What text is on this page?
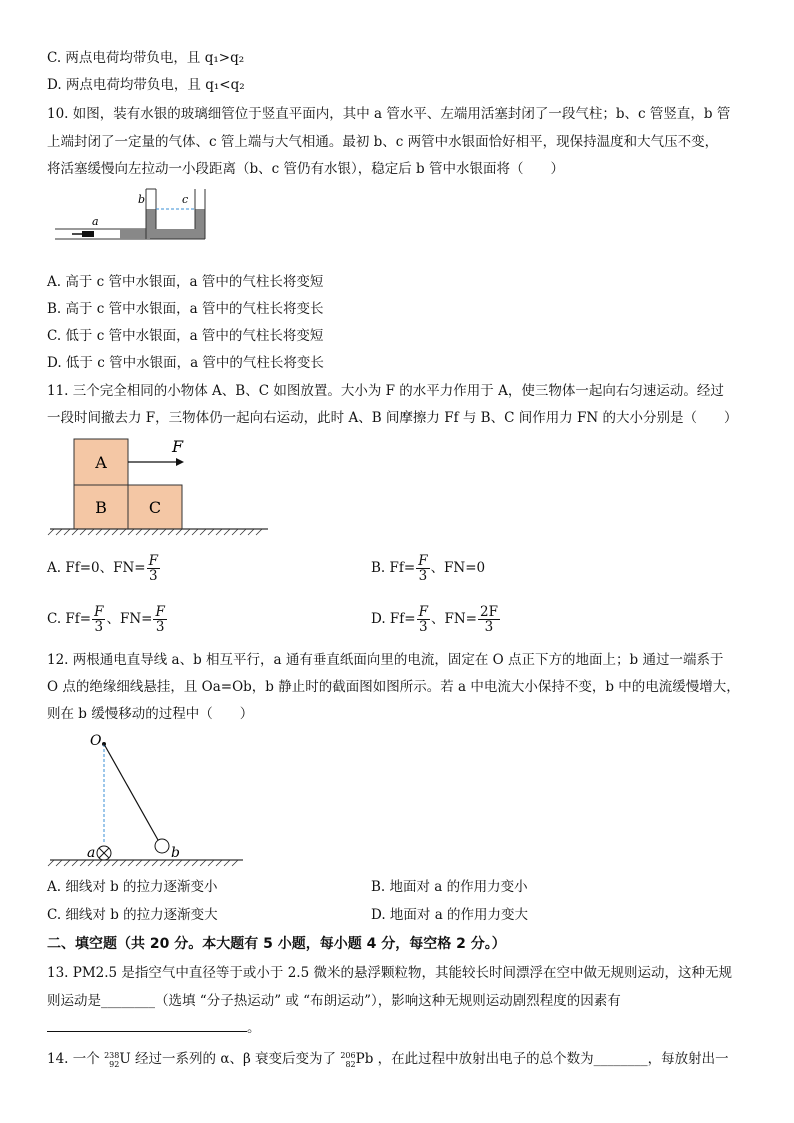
C. 两点电荷均带负电，且 q₁>q₂
D. 两点电荷均带负电，且 q₁<q₂
10. 如图，装有水银的玻璃细管位于竖直平面内，其中 a 管水平、左端用活塞封闭了一段气柱；b、c 管竖直，b 管
上端封闭了一定量的气体、c 管上端与大气相通。最初 b、c 两管中水银面恰好相平，现保持温度和大气压不变，
将活塞缓慢向左拉动一小段距离（b、c 管仍有水银），稳定后 b 管中水银面将（　　）
b	c
a
A. 高于 c 管中水银面，a 管中的气柱长将变短
B. 高于 c 管中水银面，a 管中的气柱长将变长
C. 低于 c 管中水银面，a 管中的气柱长将变短
D. 低于 c 管中水银面，a 管中的气柱长将变长
11. 三个完全相同的小物体 A、B、C 如图放置。大小为 F 的水平力作用于 A，使三物体一起向右匀速运动。经过
一段时间撤去力 F，三物体仍一起向右运动，此时 A、B 间摩擦力 Ff 与 B、C 间作用力 FN 的大小分别是（　　）
A
B	C
F
A. Ff=0、$FN= \frac{F}{3}$	B. $Ff= \frac{F}{3}$ 、FN=0
C. $Ff= \frac{F}{3}$ 、$FN= \frac{F}{3}$	D. $Ff= \frac{F}{3}$ 、$FN= \frac{2F}{3}$
12. 两根通电直导线 a、b 相互平行，a 通有垂直纸面向里的电流，固定在 O 点正下方的地面上；b 通过一端系于
O 点的绝缘细线悬挂，且 Oa=Ob，b 静止时的截面图如图所示。若 a 中电流大小保持不变，b 中的电流缓慢增大，
则在 b 缓慢移动的过程中（　　）
O
a	b
A. 细线对 b 的拉力逐渐变小	B. 地面对 a 的作用力变小
C. 细线对 b 的拉力逐渐变大	D. 地面对 a 的作用力变大
二、填空题（共 20 分。本大题有 5 小题，每小题 4 分，每空格 2 分。）
13. PM2.5 是指空气中直径等于或小于 2.5 微米的悬浮颗粒物，其能较长时间漂浮在空中做无规则运动，这种无规
则运动是________（选填 “分子热运动” 或 “布朗运动”），影响这种无规则运动剧烈程度的因素有
。
14. 一个 238
92 U 经过一系列的 α、β 衰变后变为了 206
82 Pb ，在此过程中放射出电子的总个数为________，每放射出一
